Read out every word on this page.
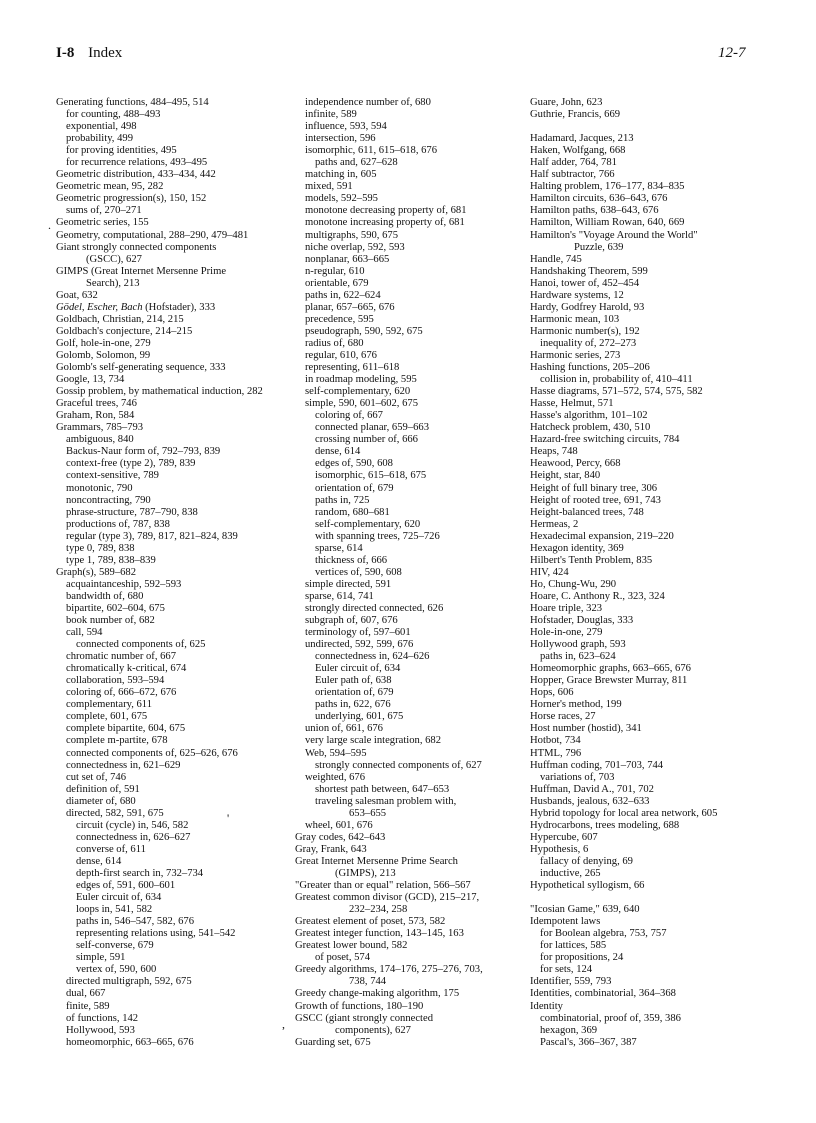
I-8 Index	12-7
Generating functions, 484–495, 514
for counting, 488–493
exponential, 498
probability, 499
for proving identities, 495
for recurrence relations, 493–495
Geometric distribution, 433–434, 442
Geometric mean, 95, 282
Geometric progression(s), 150, 152
sums of, 270–271
Geometric series, 155
Geometry, computational, 288–290, 479–481
Giant strongly connected components
(GSCC), 627
GIMPS (Great Internet Mersenne Prime
Search), 213
Goat, 632
Gödel, Escher, Bach (Hofstader), 333
Goldbach, Christian, 214, 215
Goldbach's conjecture, 214–215
Golf, hole-in-one, 279
Golomb, Solomon, 99
Golomb's self-generating sequence, 333
Google, 13, 734
Gossip problem, by mathematical induction, 282
Graceful trees, 746
Graham, Ron, 584
Grammars, 785–793
ambiguous, 840
Backus-Naur form of, 792–793, 839
context-free (type 2), 789, 839
context-sensitive, 789
monotonic, 790
noncontracting, 790
phrase-structure, 787–790, 838
productions of, 787, 838
regular (type 3), 789, 817, 821–824, 839
type 0, 789, 838
type 1, 789, 838–839
Graph(s), 589–682
acquaintanceship, 592–593
bandwidth of, 680
bipartite, 602–604, 675
book number of, 682
call, 594
connected components of, 625
chromatic number of, 667
chromatically k-critical, 674
collaboration, 593–594
coloring of, 666–672, 676
complementary, 611
complete, 601, 675
complete bipartite, 604, 675
complete m-partite, 678
connected components of, 625–626, 676
connectedness in, 621–629
cut set of, 746
definition of, 591
diameter of, 680
directed, 582, 591, 675
circuit (cycle) in, 546, 582
connectedness in, 626–627
converse of, 611
dense, 614
depth-first search in, 732–734
edges of, 591, 600–601
Euler circuit of, 634
loops in, 541, 582
paths in, 546–547, 582, 676
representing relations using, 541–542
self-converse, 679
simple, 591
vertex of, 590, 600
directed multigraph, 592, 675
dual, 667
finite, 589
of functions, 142
Hollywood, 593
homeomorphic, 663–665, 676
independence number of, 680
infinite, 589
influence, 593, 594
intersection, 596
isomorphic, 611, 615–618, 676
paths and, 627–628
matching in, 605
mixed, 591
models, 592–595
monotone decreasing property of, 681
monotone increasing property of, 681
multigraphs, 590, 675
niche overlap, 592, 593
nonplanar, 663–665
n-regular, 610
orientable, 679
paths in, 622–624
planar, 657–665, 676
precedence, 595
pseudograph, 590, 592, 675
radius of, 680
regular, 610, 676
representing, 611–618
in roadmap modeling, 595
self-complementary, 620
simple, 590, 601–602, 675
coloring of, 667
connected planar, 659–663
crossing number of, 666
dense, 614
edges of, 590, 608
isomorphic, 615–618, 675
orientation of, 679
paths in, 725
random, 680–681
self-complementary, 620
with spanning trees, 725–726
sparse, 614
thickness of, 666
vertices of, 590, 608
simple directed, 591
sparse, 614, 741
strongly directed connected, 626
subgraph of, 607, 676
terminology of, 597–601
undirected, 592, 599, 676
connectedness in, 624–626
Euler circuit of, 634
Euler path of, 638
orientation of, 679
paths in, 622, 676
underlying, 601, 675
union of, 661, 676
very large scale integration, 682
Web, 594–595
strongly connected components of, 627
weighted, 676
shortest path between, 647–653
traveling salesman problem with,
653–655
wheel, 601, 676
Gray codes, 642–643
Gray, Frank, 643
Great Internet Mersenne Prime Search
(GIMPS), 213
"Greater than or equal" relation, 566–567
Greatest common divisor (GCD), 215–217,
232–234, 258
Greatest element of poset, 573, 582
Greatest integer function, 143–145, 163
Greatest lower bound, 582
of poset, 574
Greedy algorithms, 174–176, 275–276, 703,
738, 744
Greedy change-making algorithm, 175
Growth of functions, 180–190
GSCC (giant strongly connected
components), 627
Guarding set, 675
Guare, John, 623
Guthrie, Francis, 669
Hadamard, Jacques, 213
Haken, Wolfgang, 668
Half adder, 764, 781
Half subtractor, 766
Halting problem, 176–177, 834–835
Hamilton circuits, 636–643, 676
Hamilton paths, 638–643, 676
Hamilton, William Rowan, 640, 669
Hamilton's "Voyage Around the World"
Puzzle, 639
Handle, 745
Handshaking Theorem, 599
Hanoi, tower of, 452–454
Hardware systems, 12
Hardy, Godfrey Harold, 93
Harmonic mean, 103
Harmonic number(s), 192
inequality of, 272–273
Harmonic series, 273
Hashing functions, 205–206
collision in, probability of, 410–411
Hasse diagrams, 571–572, 574, 575, 582
Hasse, Helmut, 571
Hasse's algorithm, 101–102
Hatcheck problem, 430, 510
Hazard-free switching circuits, 784
Heaps, 748
Heawood, Percy, 668
Height, star, 840
Height of full binary tree, 306
Height of rooted tree, 691, 743
Height-balanced trees, 748
Hermeas, 2
Hexadecimal expansion, 219–220
Hexagon identity, 369
Hilbert's Tenth Problem, 835
HIV, 424
Ho, Chung-Wu, 290
Hoare, C. Anthony R., 323, 324
Hoare triple, 323
Hofstader, Douglas, 333
Hole-in-one, 279
Hollywood graph, 593
paths in, 623–624
Homeomorphic graphs, 663–665, 676
Hopper, Grace Brewster Murray, 811
Hops, 606
Horner's method, 199
Horse races, 27
Host number (hostid), 341
Hotbot, 734
HTML, 796
Huffman coding, 701–703, 744
variations of, 703
Huffman, David A., 701, 702
Husbands, jealous, 632–633
Hybrid topology for local area network, 605
Hydrocarbons, trees modeling, 688
Hypercube, 607
Hypothesis, 6
fallacy of denying, 69
inductive, 265
Hypothetical syllogism, 66
"Icosian Game," 639, 640
Idempotent laws
for Boolean algebra, 753, 757
for lattices, 585
for propositions, 24
for sets, 124
Identifier, 559, 793
Identities, combinatorial, 364–368
Identity
combinatorial, proof of, 359, 386
hexagon, 369
Pascal's, 366–367, 387
.
'
,
